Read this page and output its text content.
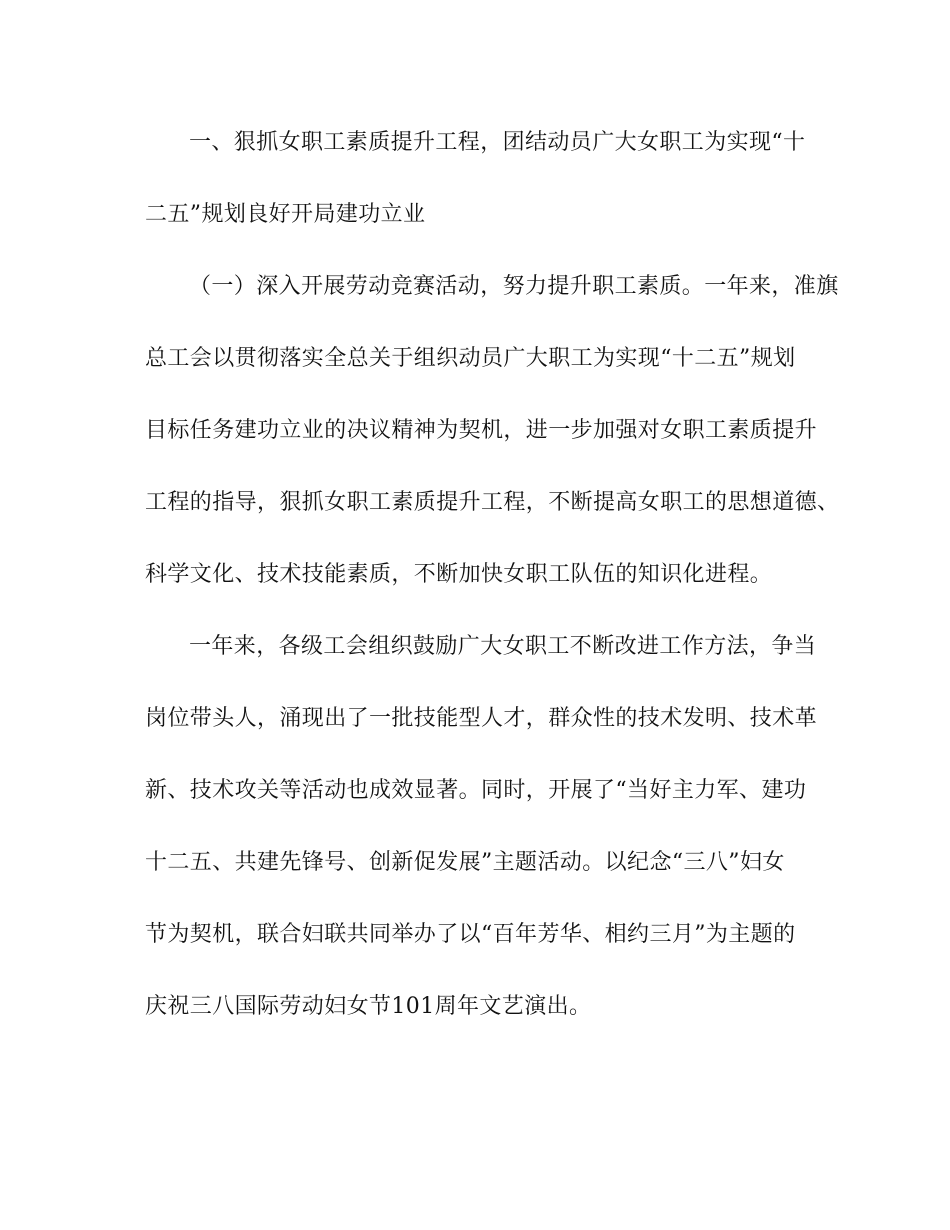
一、狠抓女职工素质提升工程，团结动员广大女职工为实现“十
二五”规划良好开局建功立业
（一）深入开展劳动竞赛活动，努力提升职工素质。一年来，准旗
总工会以贯彻落实全总关于组织动员广大职工为实现“十二五”规划
目标任务建功立业的决议精神为契机，进一步加强对女职工素质提升
工程的指导，狠抓女职工素质提升工程，不断提高女职工的思想道德、
科学文化、技术技能素质，不断加快女职工队伍的知识化进程。
一年来，各级工会组织鼓励广大女职工不断改进工作方法，争当
岗位带头人，涌现出了一批技能型人才，群众性的技术发明、技术革
新、技术攻关等活动也成效显著。同时，开展了“当好主力军、建功
十二五、共建先锋号、创新促发展”主题活动。以纪念“三八”妇女
节为契机，联合妇联共同举办了以“百年芳华、相约三月”为主题的
庆祝三八国际劳动妇女节101周年文艺演出。
